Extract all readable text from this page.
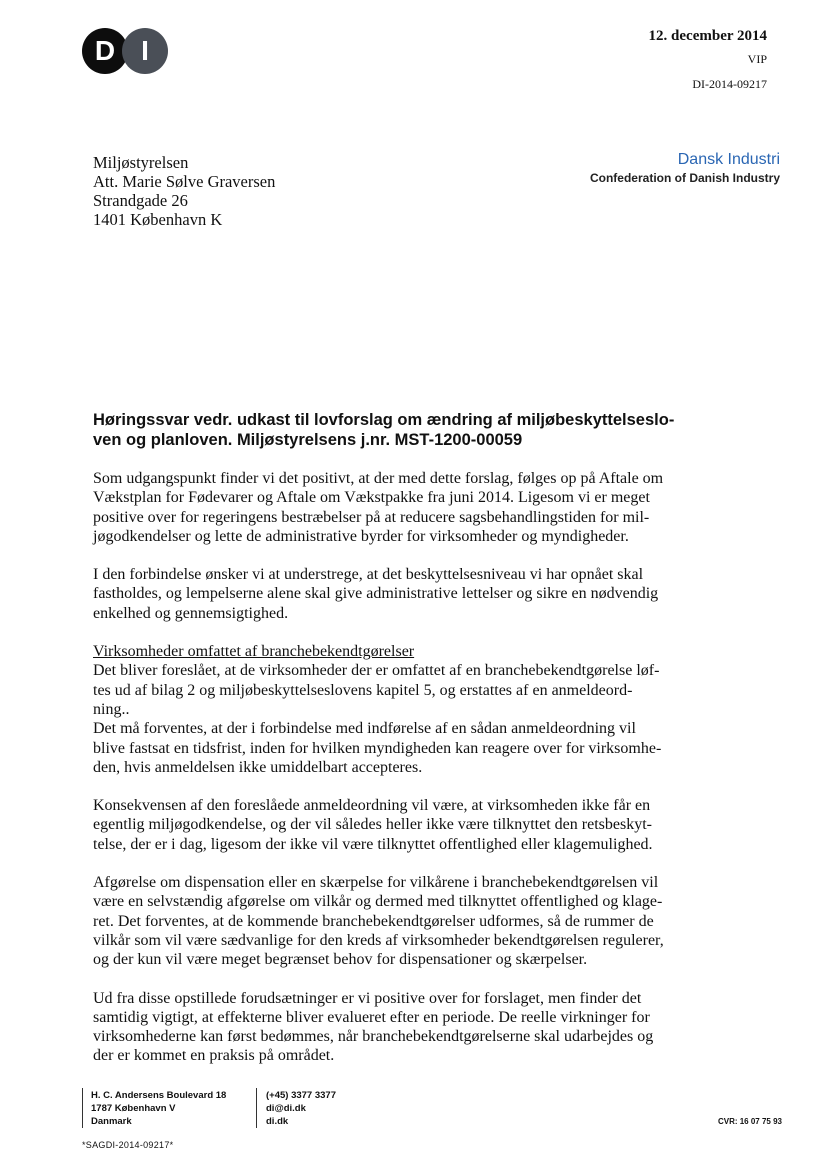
D I	12. december 2014
VIP
DI-2014-09217
Dansk Industri
Confederation of Danish Industry
Miljøstyrelsen
Att. Marie Sølve Graversen
Strandgade 26
1401 København K
Høringssvar vedr. udkast til lovforslag om ændring af miljøbeskyttelseslo-
ven og planloven. Miljøstyrelsens j.nr. MST-1200-00059
Som udgangspunkt finder vi det positivt, at der med dette forslag, følges op på Aftale om
Vækstplan for Fødevarer og Aftale om Vækstpakke fra juni 2014. Ligesom vi er meget
positive over for regeringens bestræbelser på at reducere sagsbehandlingstiden for mil-
jøgodkendelser og lette de administrative byrder for virksomheder og myndigheder.
I den forbindelse ønsker vi at understrege, at det beskyttelsesniveau vi har opnået skal
fastholdes, og lempelserne alene skal give administrative lettelser og sikre en nødvendig
enkelhed og gennemsigtighed.
Virksomheder omfattet af branchebekendtgørelser
Det bliver foreslået, at de virksomheder der er omfattet af en branchebekendtgørelse løf-
tes ud af bilag 2 og miljøbeskyttelseslovens kapitel 5, og erstattes af en anmeldeord-
ning..
Det må forventes, at der i forbindelse med indførelse af en sådan anmeldeordning vil
blive fastsat en tidsfrist, inden for hvilken myndigheden kan reagere over for virksomhe-
den, hvis anmeldelsen ikke umiddelbart accepteres.
Konsekvensen af den foreslåede anmeldeordning vil være, at virksomheden ikke får en
egentlig miljøgodkendelse, og der vil således heller ikke være tilknyttet den retsbeskyt-
telse, der er i dag, ligesom der ikke vil være tilknyttet offentlighed eller klagemulighed.
Afgørelse om dispensation eller en skærpelse for vilkårene i branchebekendtgørelsen vil
være en selvstændig afgørelse om vilkår og dermed med tilknyttet offentlighed og klage-
ret. Det forventes, at de kommende branchebekendtgørelser udformes, så de rummer de
vilkår som vil være sædvanlige for den kreds af virksomheder bekendtgørelsen regulerer,
og der kun vil være meget begrænset behov for dispensationer og skærpelser.
Ud fra disse opstillede forudsætninger er vi positive over for forslaget, men finder det
samtidig vigtigt, at effekterne bliver evalueret efter en periode. De reelle virkninger for
virksomhederne kan først bedømmes, når branchebekendtgørelserne skal udarbejdes og
der er kommet en praksis på området.
H. C. Andersens Boulevard 18
1787 København V
Danmark
(+45) 3377 3377
di@di.dk
di.dk	CVR: 16 07 75 93
*SAGDI-2014-09217*
